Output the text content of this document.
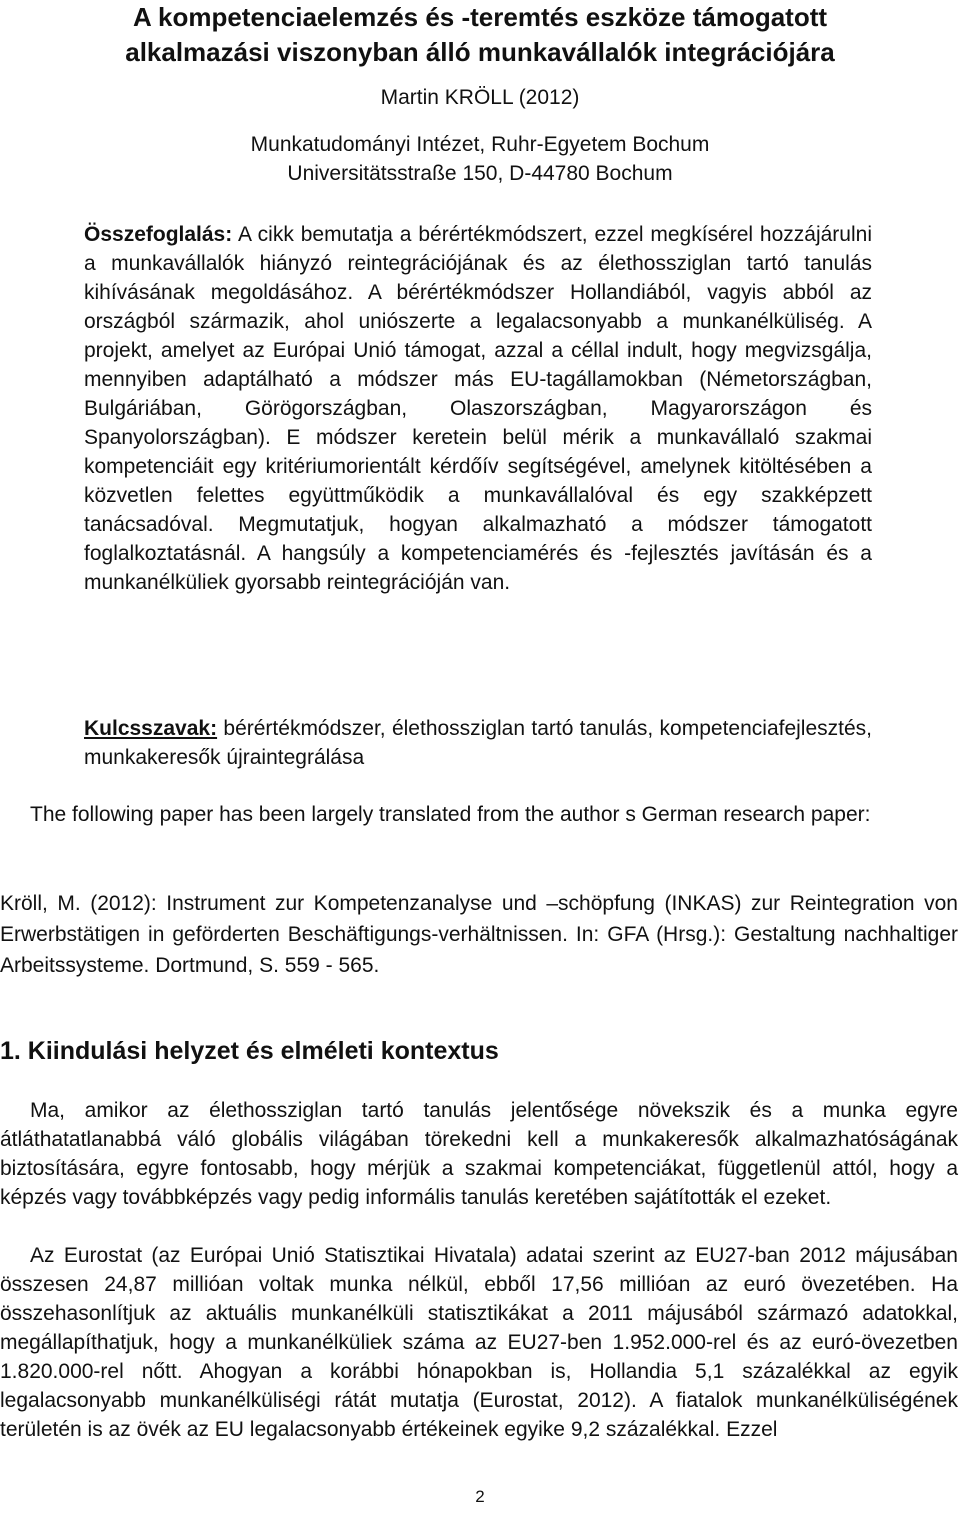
A kompetenciaelemzés és -teremtés eszköze támogatott
alkalmazási viszonyban álló munkavállalók integrációjára
Martin KRÖLL (2012)
Munkatudományi Intézet, Ruhr-Egyetem Bochum
Universitätsstraße 150, D-44780 Bochum

Összefoglalás: A cikk bemutatja a bérértékmódszert, ezzel megkísérel hozzájárulni a munkavállalók hiányzó reintegrációjának és az élethossziglan tartó tanulás kihívásának megoldásához. A bérértékmódszer Hollandiából, vagyis abból az országból származik, ahol uniószerte a legalacsonyabb a munkanélküliség. A projekt, amelyet az Európai Unió támogat, azzal a céllal indult, hogy megvizsgálja, mennyiben adaptálható a módszer más EU-tagállamokban (Németországban, Bulgáriában, Görögországban, Olaszországban, Magyarországon és Spanyolországban). E módszer keretein belül mérik a munkavállaló szakmai kompetenciáit egy kritériumorientált kérdőív segítségével, amelynek kitöltésében a közvetlen felettes együttműködik a munkavállalóval és egy szakképzett tanácsadóval. Megmutatjuk, hogyan alkalmazható a módszer támogatott foglalkoztatásnál. A hangsúly a kompetenciamérés és -fejlesztés javításán és a munkanélküliek gyorsabb reintegrációján van.

Kulcsszavak: bérértékmódszer, élethossziglan tartó tanulás, kompetenciafejlesztés, munkakeresők újraintegrálása

The following paper has been largely translated from the author s German research paper:

Kröll, M. (2012): Instrument zur Kompetenzanalyse und –schöpfung (INKAS) zur Reintegration von Erwerbstätigen in geförderten Beschäftigungs-verhältnissen. In: GFA (Hrsg.): Gestaltung nachhaltiger Arbeitssysteme. Dortmund, S. 559 - 565.

1. Kiindulási helyzet és elméleti kontextus

Ma, amikor az élethossziglan tartó tanulás jelentősége növekszik és a munka egyre átláthatatlanabbá váló globális világában törekedni kell a munkakeresők alkalmazhatóságának biztosítására, egyre fontosabb, hogy mérjük a szakmai kompetenciákat, függetlenül attól, hogy a képzés vagy továbbképzés vagy pedig informális tanulás keretében sajátították el ezeket.

Az Eurostat (az Európai Unió Statisztikai Hivatala) adatai szerint az EU27-ban 2012 májusában összesen 24,87 millióan voltak munka nélkül, ebből 17,56 millióan az euró övezetében. Ha összehasonlítjuk az aktuális munkanélküli statisztikákat a 2011 májusából származó adatokkal, megállapíthatjuk, hogy a munkanélküliek száma az EU27-ben 1.952.000-rel és az euró-övezetben 1.820.000-rel nőtt. Ahogyan a korábbi hónapokban is, Hollandia 5,1 százalékkal az egyik legalacsonyabb munkanélküliségi rátát mutatja (Eurostat, 2012). A fiatalok munkanélküliségének területén is az övék az EU legalacsonyabb értékeinek egyike 9,2 százalékkal. Ezzel

2
